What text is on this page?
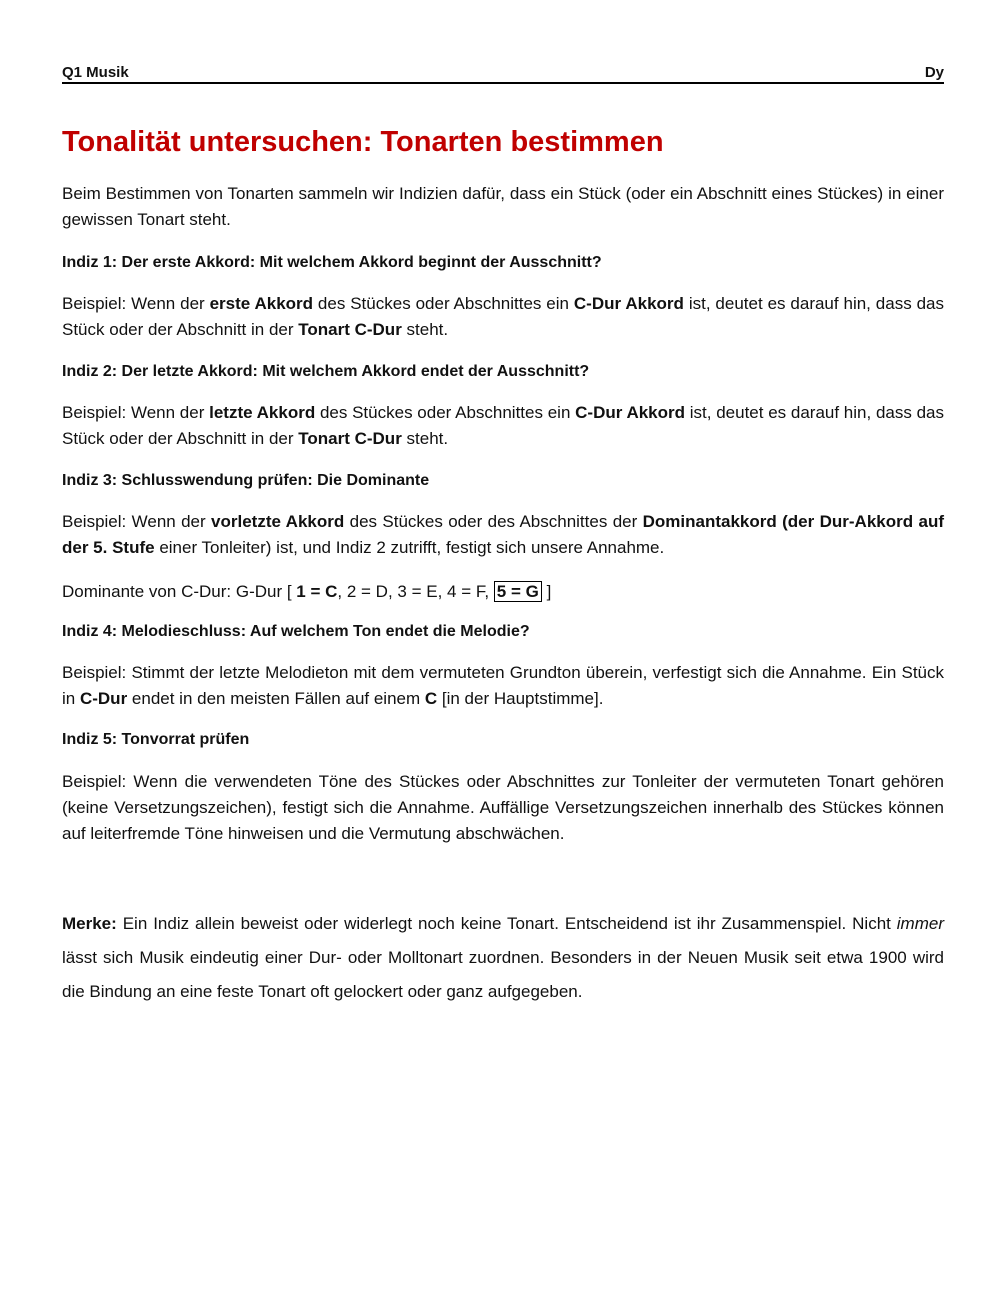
Q1 Musik	Dy
Tonalität untersuchen: Tonarten bestimmen

Beim Bestimmen von Tonarten sammeln wir Indizien dafür, dass ein Stück (oder ein Abschnitt eines Stückes) in einer gewissen Tonart steht.

Indiz 1: Der erste Akkord: Mit welchem Akkord beginnt der Ausschnitt?

Beispiel: Wenn der erste Akkord des Stückes oder Abschnittes ein C-Dur Akkord ist, deutet es darauf hin, dass das Stück oder der Abschnitt in der Tonart C-Dur steht.

Indiz 2: Der letzte Akkord: Mit welchem Akkord endet der Ausschnitt?

Beispiel: Wenn der letzte Akkord des Stückes oder Abschnittes ein C-Dur Akkord ist, deutet es darauf hin, dass das Stück oder der Abschnitt in der Tonart C-Dur steht.

Indiz 3: Schlusswendung prüfen: Die Dominante

Beispiel: Wenn der vorletzte Akkord des Stückes oder des Abschnittes der Dominantakkord (der Dur-Akkord auf der 5. Stufe einer Tonleiter) ist, und Indiz 2 zutrifft, festigt sich unsere Annahme.

Dominante von C-Dur: G-Dur [ 1 = C, 2 = D, 3 = E, 4 = F, 5 = G ]

Indiz 4: Melodieschluss: Auf welchem Ton endet die Melodie?

Beispiel: Stimmt der letzte Melodieton mit dem vermuteten Grundton überein, verfestigt sich die Annahme. Ein Stück in C-Dur endet in den meisten Fällen auf einem C [in der Hauptstimme].

Indiz 5: Tonvorrat prüfen

Beispiel: Wenn die verwendeten Töne des Stückes oder Abschnittes zur Tonleiter der vermuteten Tonart gehören (keine Versetzungszeichen), festigt sich die Annahme. Auffällige Versetzungszeichen innerhalb des Stückes können auf leiterfremde Töne hinweisen und die Vermutung abschwächen.

Merke: Ein Indiz allein beweist oder widerlegt noch keine Tonart. Entscheidend ist ihr Zusammenspiel. Nicht immer lässt sich Musik eindeutig einer Dur- oder Molltonart zuordnen. Besonders in der Neuen Musik seit etwa 1900 wird die Bindung an eine feste Tonart oft gelockert oder ganz aufgegeben.
